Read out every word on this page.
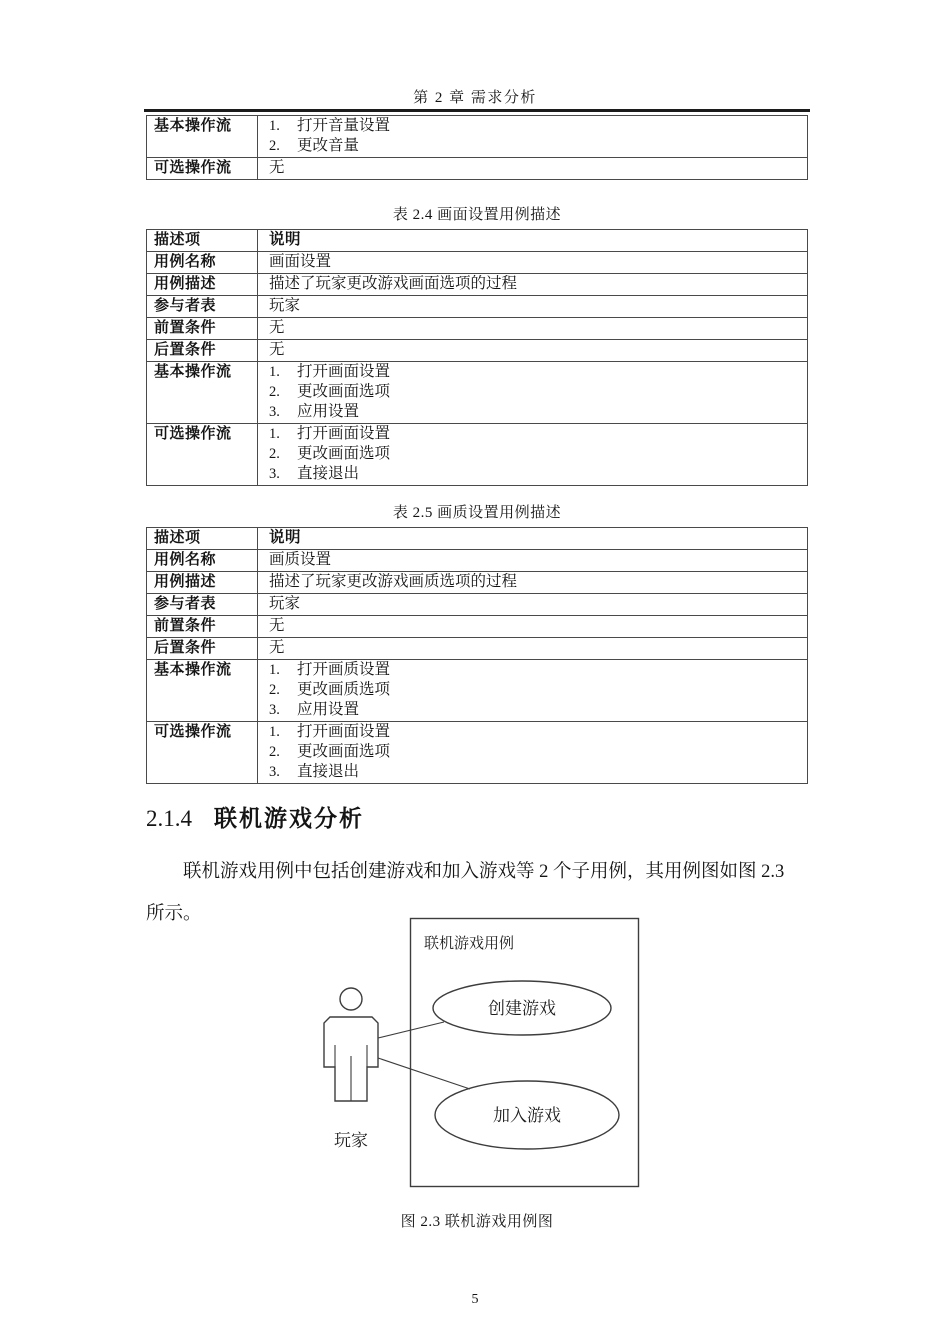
第 2 章 需求分析
基本操作流	1. 打开音量设置
2. 更改音量
可选操作流	无
表 2.4 画面设置用例描述
描述项	说明
用例名称	画面设置
用例描述	描述了玩家更改游戏画面选项的过程
参与者表	玩家
前置条件	无
后置条件	无
基本操作流	1. 打开画面设置
2. 更改画面选项
3. 应用设置
可选操作流	1. 打开画面设置
2. 更改画面选项
3. 直接退出
表 2.5 画质设置用例描述
描述项	说明
用例名称	画质设置
用例描述	描述了玩家更改游戏画质选项的过程
参与者表	玩家
前置条件	无
后置条件	无
基本操作流	1. 打开画质设置
2. 更改画质选项
3. 应用设置
可选操作流	1. 打开画面设置
2. 更改画面选项
3. 直接退出
2.1.4 联机游戏分析
联机游戏用例中包括创建游戏和加入游戏等 2 个子用例，其用例图如图 2.3
所示。
联机游戏用例
创建游戏
加入游戏
玩家
图 2.3 联机游戏用例图
5
